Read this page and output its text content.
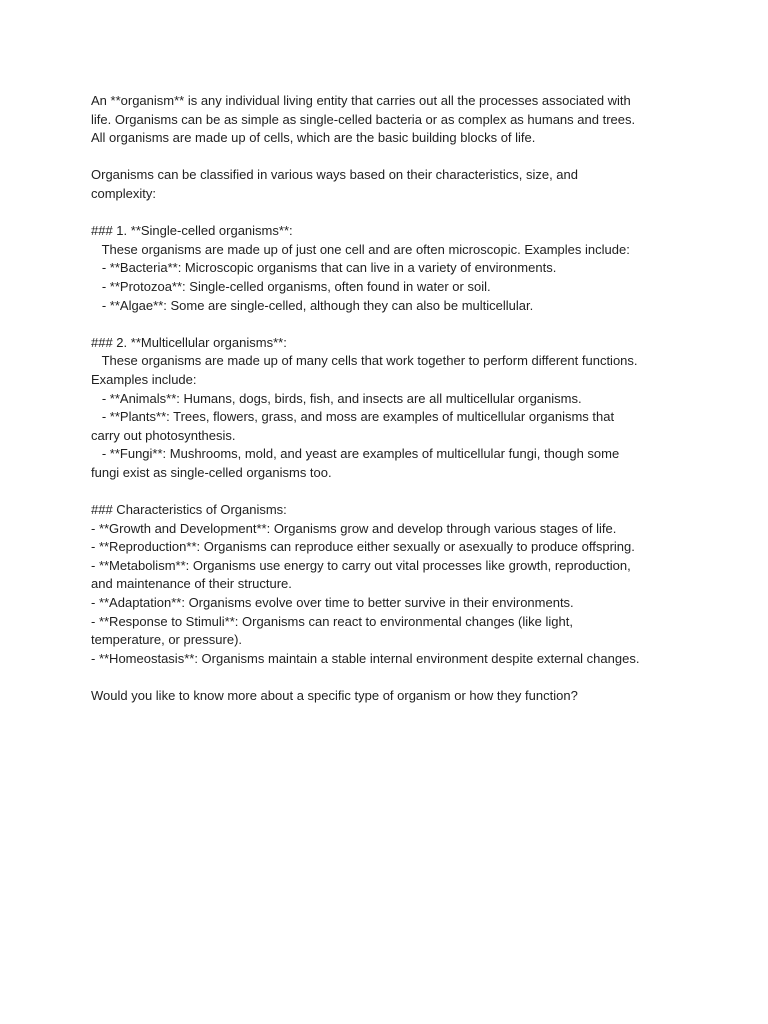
An **organism** is any individual living entity that carries out all the processes associated with

life. Organisms can be as simple as single-celled bacteria or as complex as humans and trees.

All organisms are made up of cells, which are the basic building blocks of life.

Organisms can be classified in various ways based on their characteristics, size, and

complexity:

### 1. **Single-celled organisms**:

These organisms are made up of just one cell and are often microscopic. Examples include:

- **Bacteria**: Microscopic organisms that can live in a variety of environments.

- **Protozoa**: Single-celled organisms, often found in water or soil.

- **Algae**: Some are single-celled, although they can also be multicellular.

### 2. **Multicellular organisms**:

These organisms are made up of many cells that work together to perform different functions.

Examples include:

- **Animals**: Humans, dogs, birds, fish, and insects are all multicellular organisms.

- **Plants**: Trees, flowers, grass, and moss are examples of multicellular organisms that

carry out photosynthesis.

- **Fungi**: Mushrooms, mold, and yeast are examples of multicellular fungi, though some

fungi exist as single-celled organisms too.

### Characteristics of Organisms:

- **Growth and Development**: Organisms grow and develop through various stages of life.

- **Reproduction**: Organisms can reproduce either sexually or asexually to produce offspring.

- **Metabolism**: Organisms use energy to carry out vital processes like growth, reproduction,

and maintenance of their structure.

- **Adaptation**: Organisms evolve over time to better survive in their environments.

- **Response to Stimuli**: Organisms can react to environmental changes (like light,

temperature, or pressure).

- **Homeostasis**: Organisms maintain a stable internal environment despite external changes.

Would you like to know more about a specific type of organism or how they function?
